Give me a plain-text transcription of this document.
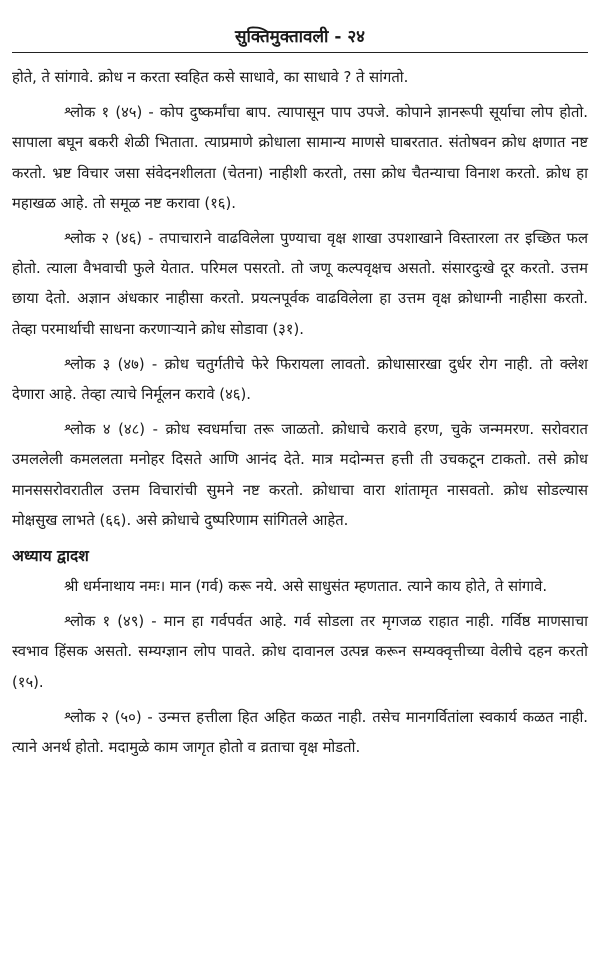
सुक्तिमुक्तावली - २४

होते, ते सांगावे. क्रोध न करता स्वहित कसे साधावे, का साधावे ? ते सांगतो.

श्लोक १ (४५) - कोप दुष्कर्मांचा बाप. त्यापासून पाप उपजे. कोपाने ज्ञानरूपी सूर्याचा लोप होतो. सापाला बघून बकरी शेळी भिताता. त्याप्रमाणे क्रोधाला सामान्य माणसे घाबरतात. संतोषवन क्रोध क्षणात नष्ट करतो. भ्रष्ट विचार जसा संवेदनशीलता (चेतना) नाहीशी करतो, तसा क्रोध चैतन्याचा विनाश करतो. क्रोध हा महाखळ आहे. तो समूळ नष्ट करावा (१६).

श्लोक २ (४६) - तपाचाराने वाढविलेला पुण्याचा वृक्ष शाखा उपशाखाने विस्तारला तर इच्छित फल होतो. त्याला वैभवाची फुले येतात. परिमल पसरतो. तो जणू कल्पवृक्षच असतो. संसारदुःखे दूर करतो. उत्तम छाया देतो. अज्ञान अंधकार नाहीसा करतो. प्रयत्नपूर्वक वाढविलेला हा उत्तम वृक्ष क्रोधाग्नी नाहीसा करतो. तेव्हा परमार्थाची साधना करणाऱ्याने क्रोध सोडावा (३१).

श्लोक ३ (४७) - क्रोध चतुर्गतीचे फेरे फिरायला लावतो. क्रोधासारखा दुर्धर रोग नाही. तो क्लेश देणारा आहे. तेव्हा त्याचे निर्मूलन करावे (४६).

श्लोक ४ (४८) - क्रोध स्वधर्माचा तरू जाळतो. क्रोधाचे करावे हरण, चुके जन्ममरण. सरोवरात उमललेली कमललता मनोहर दिसते आणि आनंद देते. मात्र मदोन्मत्त हत्ती ती उचकटून टाकतो. तसे क्रोध मानससरोवरातील उत्तम विचारांची सुमने नष्ट करतो. क्रोधाचा वारा शांतामृत नासवतो. क्रोध सोडल्यास मोक्षसुख लाभते (६६). असे क्रोधाचे दुष्परिणाम सांगितले आहेत.

अध्याय द्वादश

श्री धर्मनाथाय नमः। मान (गर्व) करू नये. असे साधुसंत म्हणतात. त्याने काय होते, ते सांगावे.

श्लोक १ (४९) - मान हा गर्वपर्वत आहे. गर्व सोडला तर मृगजळ राहात नाही. गर्विष्ठ माणसाचा स्वभाव हिंसक असतो. सम्यग्ज्ञान लोप पावते. क्रोध दावानल उत्पन्न करून सम्यक्वृत्तीच्या वेलीचे दहन करतो (१५).

श्लोक २ (५०) - उन्मत्त हत्तीला हित अहित कळत नाही. तसेच मानगर्वितांला स्वकार्य कळत नाही. त्याने अनर्थ होतो. मदामुळे काम जागृत होतो व व्रताचा वृक्ष मोडतो.
